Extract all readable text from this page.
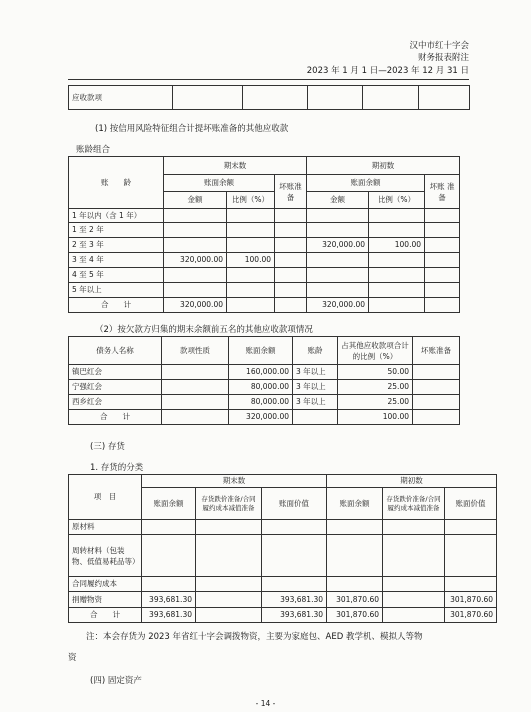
汉中市红十字会
财务报表附注
2023 年 1 月 1 日—2023 年 12 月 31 日
应收款项					
(1) 按信用风险特征组合计提坏账准备的其他应收款
账龄组合
账　　龄	期末数			期初数		
	账面余额		坏账准备	账面余额		坏账 准备
	金额	比例（%）		金额	比例（%）	
1 年以内（含 1 年）						
1 至 2 年						
2 至 3 年				320,000.00	100.00	
3 至 4 年	320,000.00	100.00				
4 至 5 年						
5 年以上						
合　　计	320,000.00			320,000.00		
（2）按欠款方归集的期末余额前五名的其他应收款项情况
债务人名称	款项性质	账面余额	账龄	占其他应收款项合计的比例（%）	坏账准备
镇巴红会		160,000.00	3 年以上	50.00	
宁强红会		80,000.00	3 年以上	25.00	
西乡红会		80,000.00	3 年以上	25.00	
合　　计		320,000.00		100.00	
(三) 存货
1. 存货的分类
项　目	期末数			期初数		
	账面余额	存货跌价准备/合同履约成本减值准备	账面价值	账面余额	存货跌价准备/合同履约成本减值准备	账面价值
原材料						
周转材料（包装物、低值易耗品等）						
合同履约成本						
捐赠物资	393,681.30		393,681.30	301,870.60		301,870.60
合　　计	393,681.30		393,681.30	301,870.60		301,870.60
注：本会存货为 2023 年省红十字会调拨物资，主要为家庭包、AED 教学机、模拟人等物
资
(四) 固定资产
- 14 -
